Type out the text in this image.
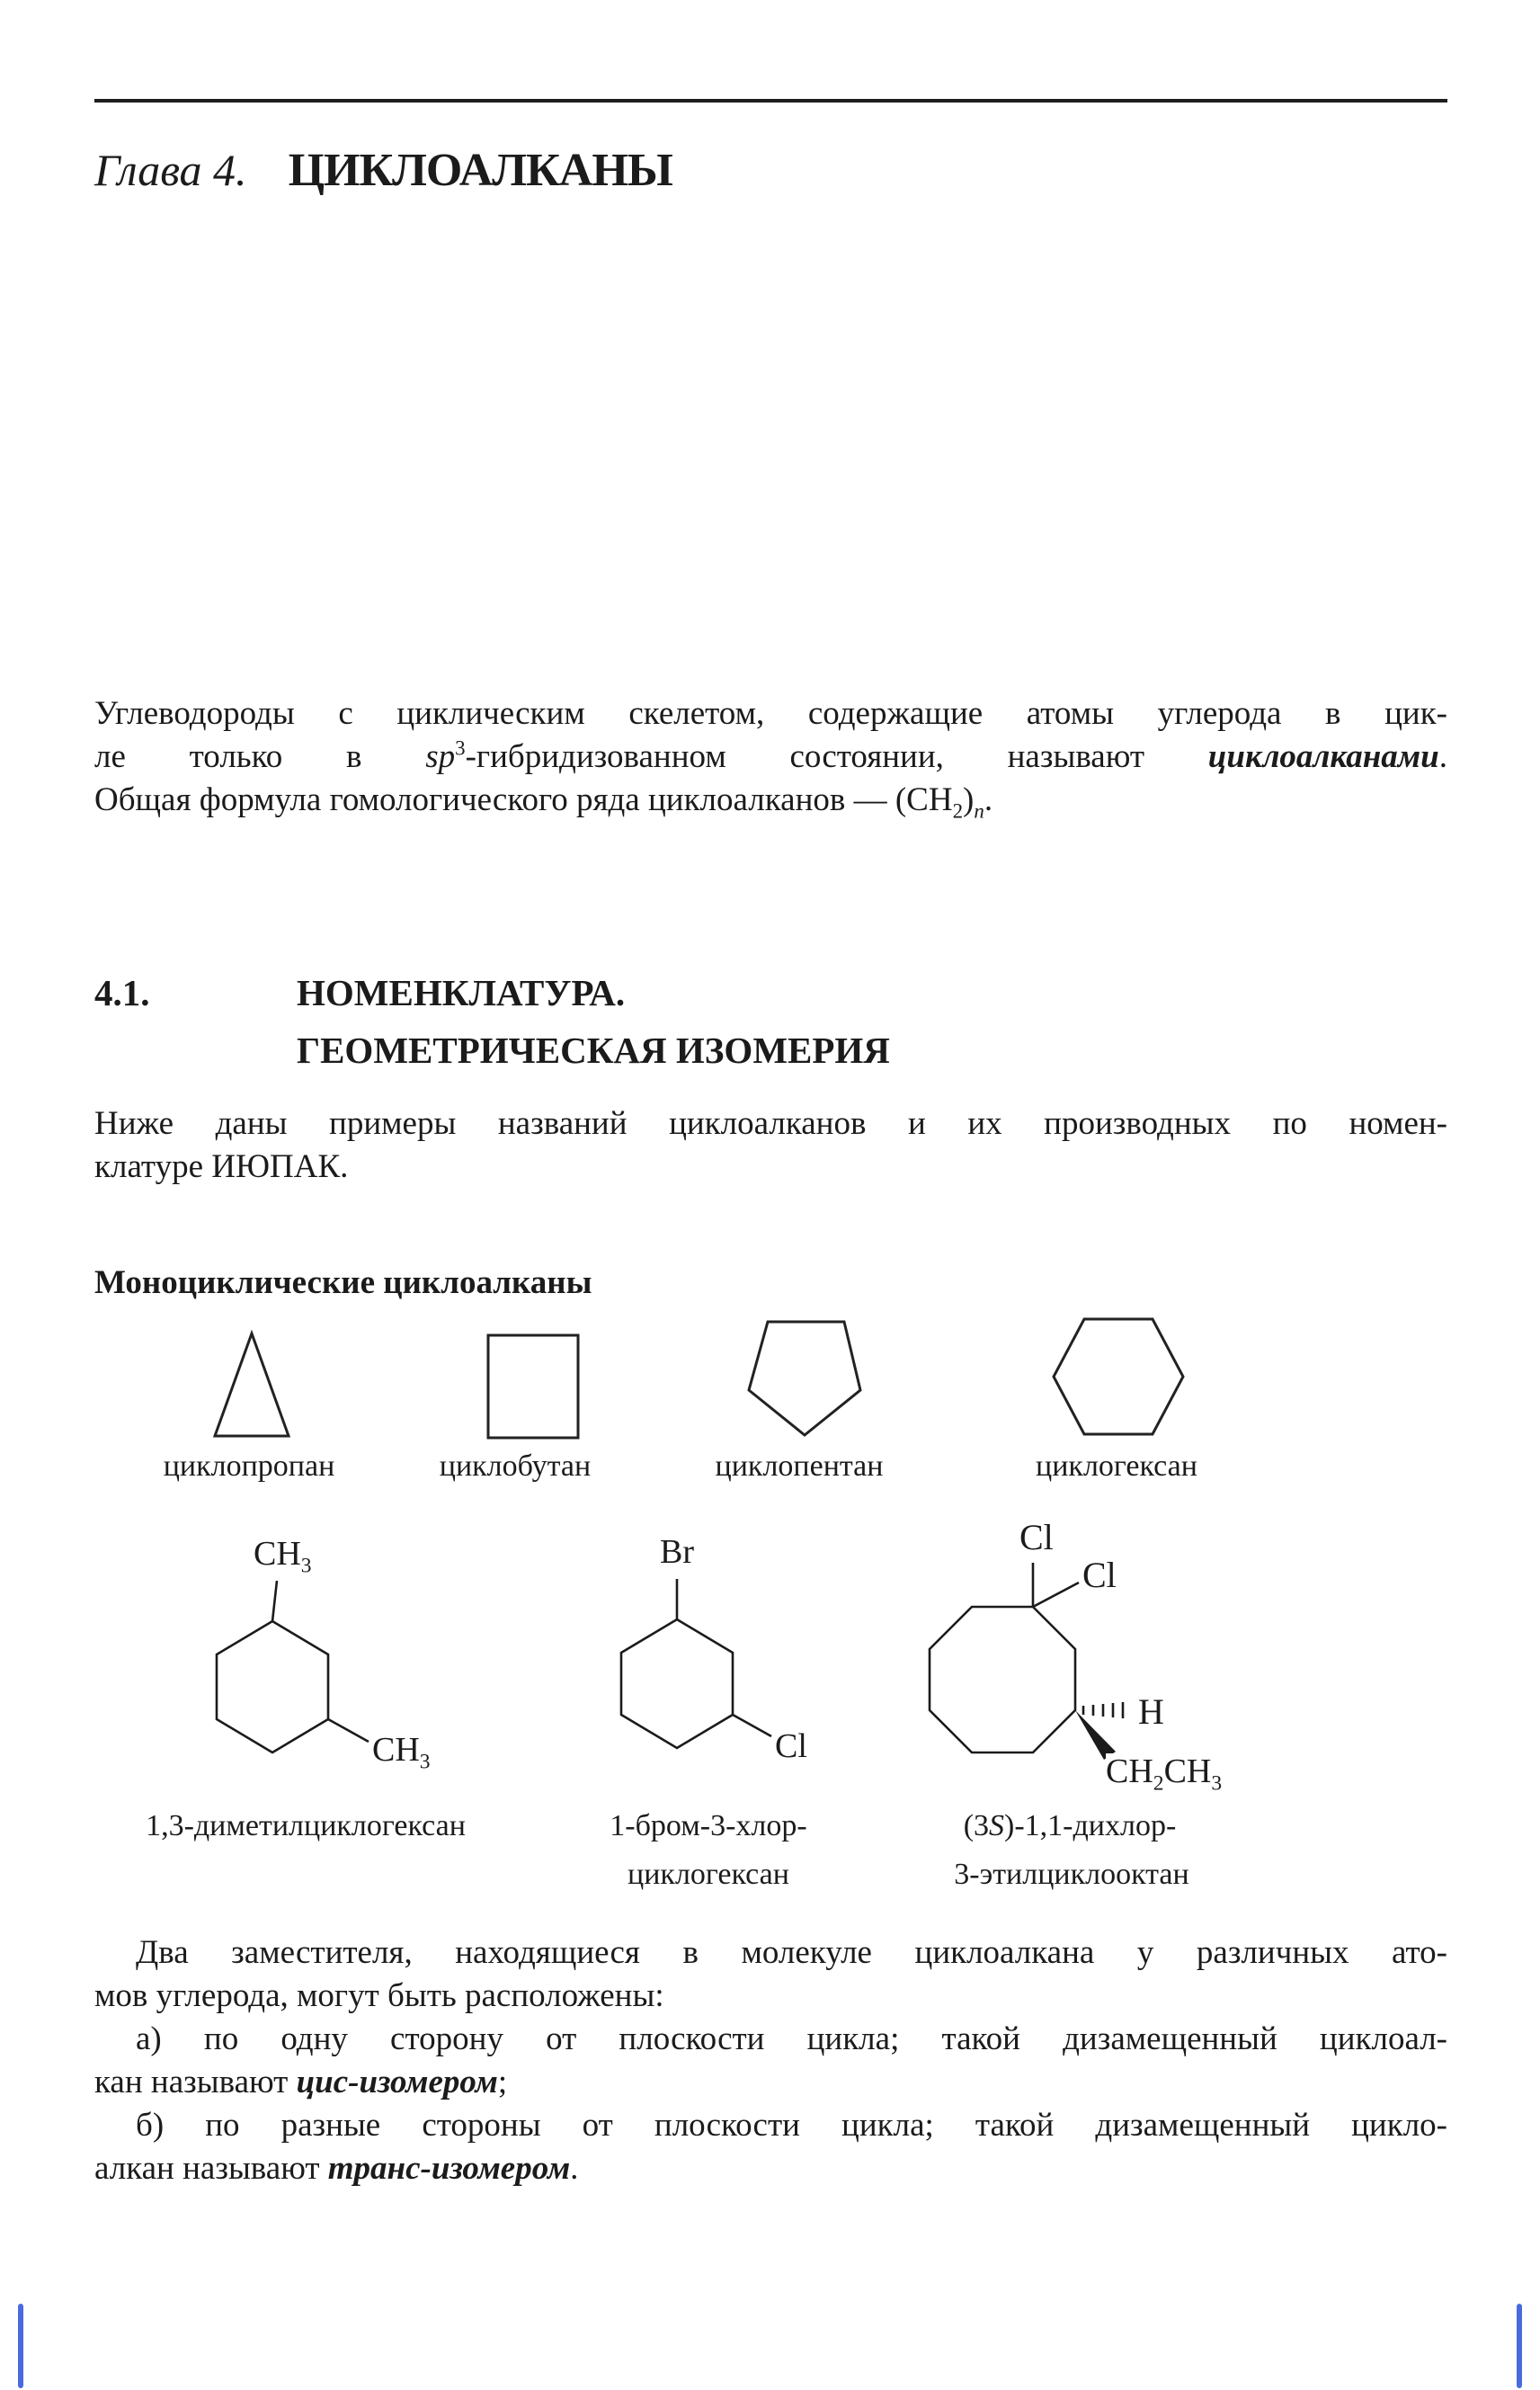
Глава 4. ЦИКЛОАЛКАНЫ
Углеводороды с циклическим скелетом, содержащие атомы углерода в цик-
ле только в $sp^3$-гибридизованном состоянии, называют циклоалканами.
Общая формула гомологического ряда циклоалканов — $(CH_2)_n$.
4.1.	НОМЕНКЛАТУРА.
ГЕОМЕТРИЧЕСКАЯ ИЗОМЕРИЯ
Ниже даны примеры названий циклоалканов и их производных по номен-
клатуре ИЮПАК.
Моноциклические циклоалканы
циклопропан	циклобутан	циклопентан	циклогексан
$CH_3$
$CH_3$
Br
Cl
Cl
Cl
H
$CH_2CH_3$
1,3-диметилциклогексан	1-бром-3-хлор-
циклогексан
(3S)-1,1-дихлор-
3-этилциклооктан
Два заместителя, находящиеся в молекуле циклоалкана у различных ато-
мов углерода, могут быть расположены:
а) по одну сторону от плоскости цикла; такой дизамещенный циклоал-
кан называют цис-изомером;
б) по разные стороны от плоскости цикла; такой дизамещенный цикло-
алкан называют транс-изомером.
